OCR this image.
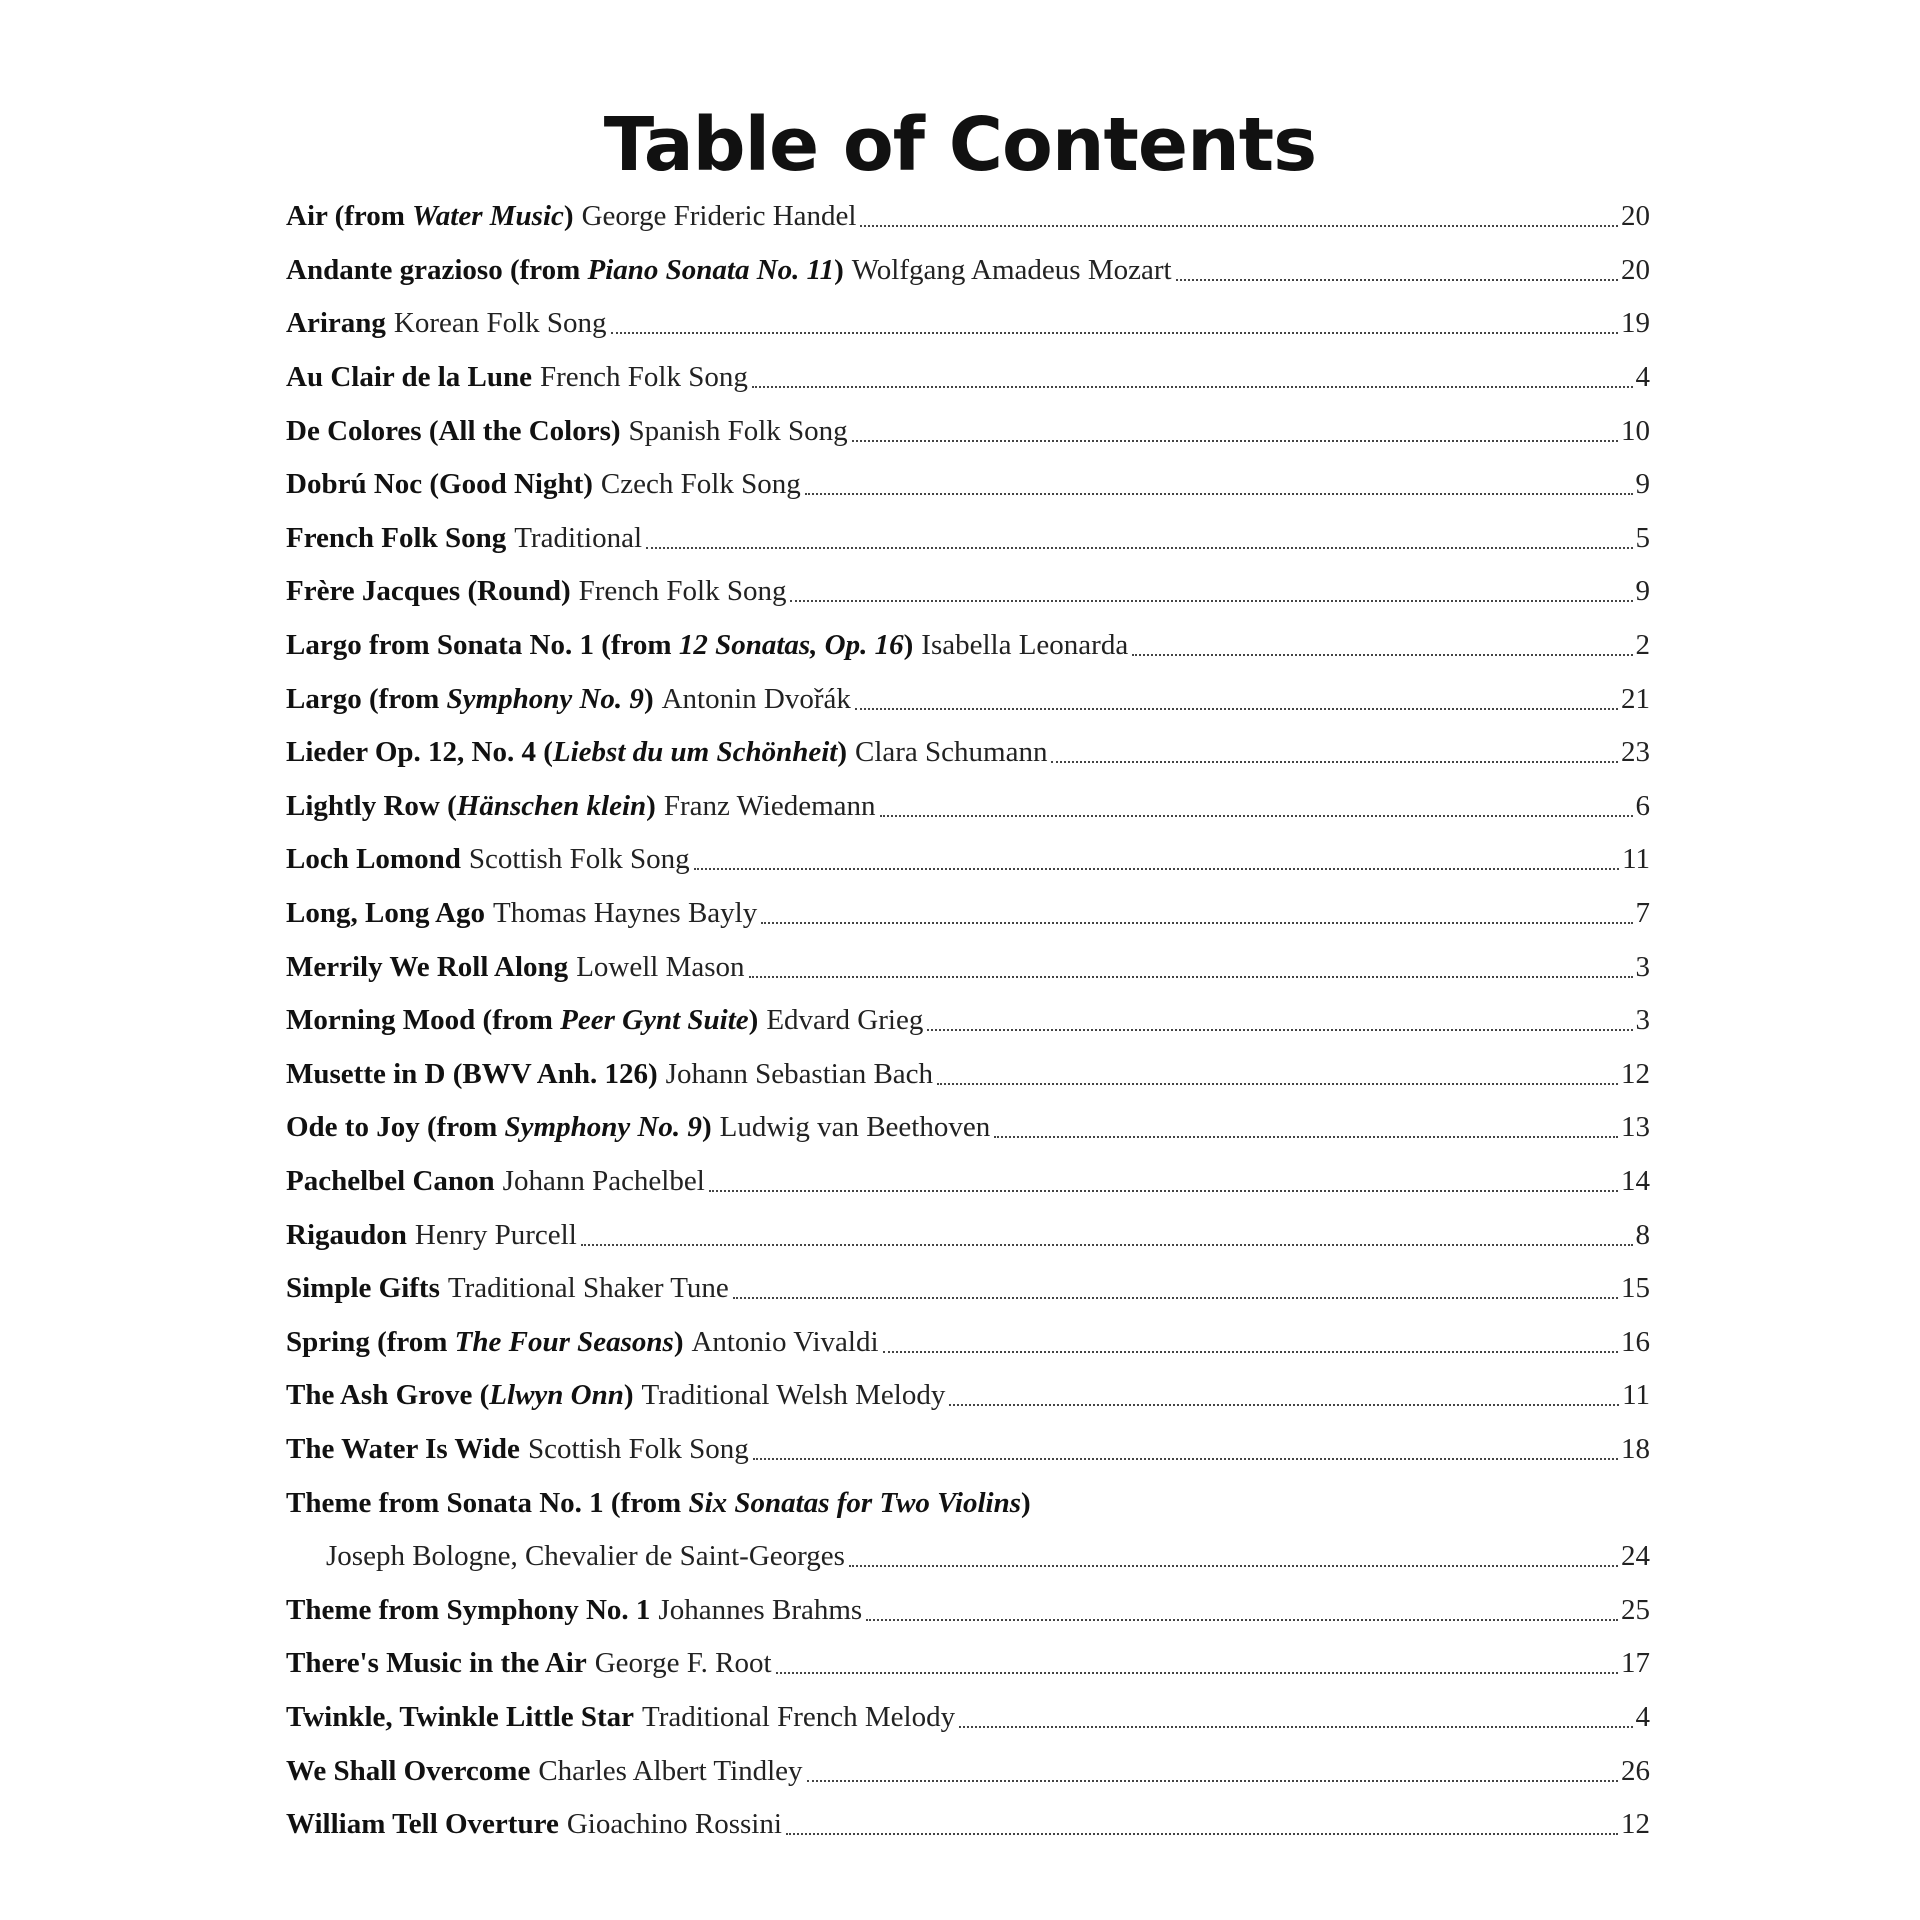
Table of Contents
Air (from Water Music) George Frideric Handel	20
Andante grazioso (from Piano Sonata No. 11) Wolfgang Amadeus Mozart	20
Arirang Korean Folk Song	19
Au Clair de la Lune French Folk Song	4
De Colores (All the Colors) Spanish Folk Song	10
Dobrú Noc (Good Night) Czech Folk Song	9
French Folk Song Traditional	5
Frère Jacques (Round) French Folk Song	9
Largo from Sonata No. 1 (from 12 Sonatas, Op. 16) Isabella Leonarda	2
Largo (from Symphony No. 9) Antonin Dvořák	21
Lieder Op. 12, No. 4 (Liebst du um Schönheit) Clara Schumann	23
Lightly Row (Hänschen klein) Franz Wiedemann	6
Loch Lomond Scottish Folk Song	11
Long, Long Ago Thomas Haynes Bayly	7
Merrily We Roll Along Lowell Mason	3
Morning Mood (from Peer Gynt Suite) Edvard Grieg	3
Musette in D (BWV Anh. 126) Johann Sebastian Bach	12
Ode to Joy (from Symphony No. 9) Ludwig van Beethoven	13
Pachelbel Canon Johann Pachelbel	14
Rigaudon Henry Purcell	8
Simple Gifts Traditional Shaker Tune	15
Spring (from The Four Seasons) Antonio Vivaldi	16
The Ash Grove (Llwyn Onn) Traditional Welsh Melody	11
The Water Is Wide Scottish Folk Song	18
Theme from Sonata No. 1 (from Six Sonatas for Two Violins)
Joseph Bologne, Chevalier de Saint-Georges	24
Theme from Symphony No. 1 Johannes Brahms	25
There's Music in the Air George F. Root	17
Twinkle, Twinkle Little Star Traditional French Melody	4
We Shall Overcome Charles Albert Tindley	26
William Tell Overture Gioachino Rossini	12
